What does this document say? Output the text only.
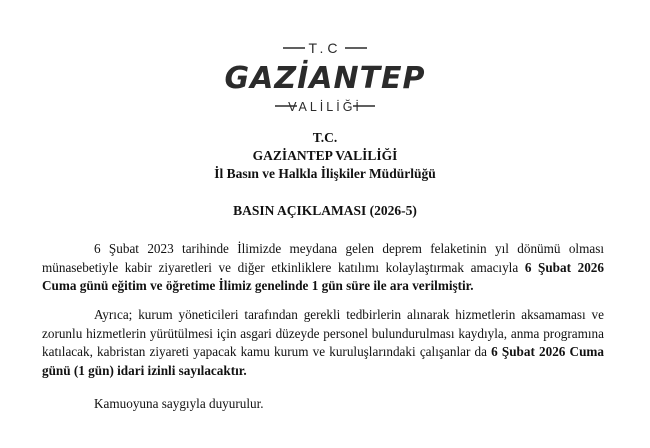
T.C
GAZİANTEP
VALİLİĞİ
T.C.
GAZİANTEP VALİLİĞİ
İl Basın ve Halkla İlişkiler Müdürlüğü
BASIN AÇIKLAMASI (2026-5)
6 Şubat 2023 tarihinde İlimizde meydana gelen deprem felaketinin yıl dönümü olması münasebetiyle kabir ziyaretleri ve diğer etkinliklere katılımı kolaylaştırmak amacıyla 6 Şubat 2026 Cuma günü eğitim ve öğretime İlimiz genelinde 1 gün süre ile ara verilmiştir.
Ayrıca; kurum yöneticileri tarafından gerekli tedbirlerin alınarak hizmetlerin aksamaması ve zorunlu hizmetlerin yürütülmesi için asgari düzeyde personel bulundurulması kaydıyla, anma programına katılacak, kabristan ziyareti yapacak kamu kurum ve kuruluşlarındaki çalışanlar da 6 Şubat 2026 Cuma günü (1 gün) idari izinli sayılacaktır.
Kamuoyuna saygıyla duyurulur.
